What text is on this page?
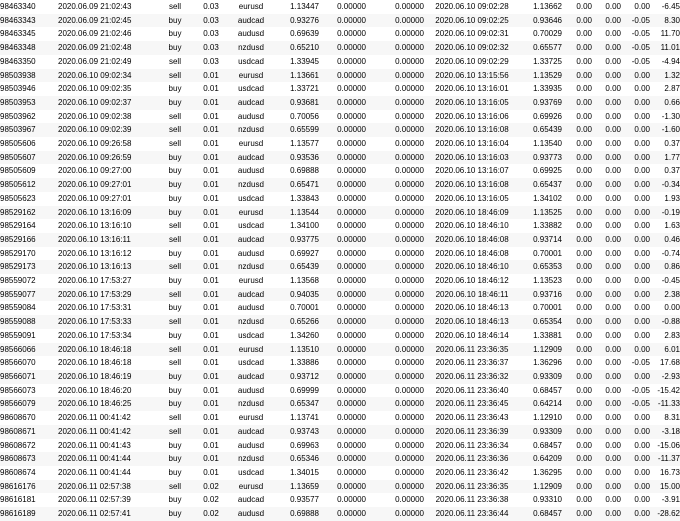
98463340	2020.06.09 21:02:43	sell	0.03	eurusd	1.13447	0.00000	0.00000	2020.06.10 09:02:28	1.13662	0.00	0.00	0.00	-6.45
98463343	2020.06.09 21:02:45	buy	0.03	audcad	0.93276	0.00000	0.00000	2020.06.10 09:02:25	0.93646	0.00	0.00	-0.05	8.30
98463345	2020.06.09 21:02:46	buy	0.03	audusd	0.69639	0.00000	0.00000	2020.06.10 09:02:31	0.70029	0.00	0.00	-0.05	11.70
98463348	2020.06.09 21:02:48	buy	0.03	nzdusd	0.65210	0.00000	0.00000	2020.06.10 09:02:32	0.65577	0.00	0.00	-0.05	11.01
98463350	2020.06.09 21:02:49	sell	0.03	usdcad	1.33945	0.00000	0.00000	2020.06.10 09:02:29	1.33725	0.00	0.00	-0.05	-4.94
98503938	2020.06.10 09:02:34	sell	0.01	eurusd	1.13661	0.00000	0.00000	2020.06.10 13:15:56	1.13529	0.00	0.00	0.00	1.32
98503946	2020.06.10 09:02:35	buy	0.01	usdcad	1.33721	0.00000	0.00000	2020.06.10 13:16:01	1.33935	0.00	0.00	0.00	2.87
98503953	2020.06.10 09:02:37	buy	0.01	audcad	0.93681	0.00000	0.00000	2020.06.10 13:16:05	0.93769	0.00	0.00	0.00	0.66
98503962	2020.06.10 09:02:38	sell	0.01	audusd	0.70056	0.00000	0.00000	2020.06.10 13:16:06	0.69926	0.00	0.00	0.00	-1.30
98503967	2020.06.10 09:02:39	sell	0.01	nzdusd	0.65599	0.00000	0.00000	2020.06.10 13:16:08	0.65439	0.00	0.00	0.00	-1.60
98505606	2020.06.10 09:26:58	sell	0.01	eurusd	1.13577	0.00000	0.00000	2020.06.10 13:16:04	1.13540	0.00	0.00	0.00	0.37
98505607	2020.06.10 09:26:59	buy	0.01	audcad	0.93536	0.00000	0.00000	2020.06.10 13:16:03	0.93773	0.00	0.00	0.00	1.77
98505609	2020.06.10 09:27:00	buy	0.01	audusd	0.69888	0.00000	0.00000	2020.06.10 13:16:07	0.69925	0.00	0.00	0.00	0.37
98505612	2020.06.10 09:27:01	buy	0.01	nzdusd	0.65471	0.00000	0.00000	2020.06.10 13:16:08	0.65437	0.00	0.00	0.00	-0.34
98505623	2020.06.10 09:27:01	buy	0.01	usdcad	1.33843	0.00000	0.00000	2020.06.10 13:16:05	1.34102	0.00	0.00	0.00	1.93
98529162	2020.06.10 13:16:09	buy	0.01	eurusd	1.13544	0.00000	0.00000	2020.06.10 18:46:09	1.13525	0.00	0.00	0.00	-0.19
98529164	2020.06.10 13:16:10	sell	0.01	usdcad	1.34100	0.00000	0.00000	2020.06.10 18:46:10	1.33882	0.00	0.00	0.00	1.63
98529166	2020.06.10 13:16:11	sell	0.01	audcad	0.93775	0.00000	0.00000	2020.06.10 18:46:08	0.93714	0.00	0.00	0.00	0.46
98529170	2020.06.10 13:16:12	buy	0.01	audusd	0.69927	0.00000	0.00000	2020.06.10 18:46:08	0.70001	0.00	0.00	0.00	-0.74
98529173	2020.06.10 13:16:13	sell	0.01	nzdusd	0.65439	0.00000	0.00000	2020.06.10 18:46:10	0.65353	0.00	0.00	0.00	0.86
98559072	2020.06.10 17:53:27	buy	0.01	eurusd	1.13568	0.00000	0.00000	2020.06.10 18:46:12	1.13523	0.00	0.00	0.00	-0.45
98559077	2020.06.10 17:53:29	sell	0.01	audcad	0.94035	0.00000	0.00000	2020.06.10 18:46:11	0.93716	0.00	0.00	0.00	2.38
98559084	2020.06.10 17:53:31	buy	0.01	audusd	0.70001	0.00000	0.00000	2020.06.10 18:46:13	0.70001	0.00	0.00	0.00	0.00
98559088	2020.06.10 17:53:33	sell	0.01	nzdusd	0.65266	0.00000	0.00000	2020.06.10 18:46:13	0.65354	0.00	0.00	0.00	-0.88
98559091	2020.06.10 17:53:34	buy	0.01	usdcad	1.34260	0.00000	0.00000	2020.06.10 18:46:14	1.33881	0.00	0.00	0.00	2.83
98566066	2020.06.10 18:46:18	sell	0.01	eurusd	1.13510	0.00000	0.00000	2020.06.11 23:36:35	1.12909	0.00	0.00	0.00	6.01
98566070	2020.06.10 18:46:18	sell	0.01	usdcad	1.33886	0.00000	0.00000	2020.06.11 23:36:37	1.36296	0.00	0.00	-0.05	17.68
98566071	2020.06.10 18:46:19	buy	0.01	audcad	0.93712	0.00000	0.00000	2020.06.11 23:36:32	0.93309	0.00	0.00	0.00	-2.93
98566073	2020.06.10 18:46:20	buy	0.01	audusd	0.69999	0.00000	0.00000	2020.06.11 23:36:40	0.68457	0.00	0.00	-0.05	-15.42
98566079	2020.06.10 18:46:25	buy	0.01	nzdusd	0.65347	0.00000	0.00000	2020.06.11 23:36:45	0.64214	0.00	0.00	-0.05	-11.33
98608670	2020.06.11 00:41:42	sell	0.01	eurusd	1.13741	0.00000	0.00000	2020.06.11 23:36:43	1.12910	0.00	0.00	0.00	8.31
98608671	2020.06.11 00:41:42	sell	0.01	audcad	0.93743	0.00000	0.00000	2020.06.11 23:36:39	0.93309	0.00	0.00	0.00	-3.18
98608672	2020.06.11 00:41:43	buy	0.01	audusd	0.69963	0.00000	0.00000	2020.06.11 23:36:34	0.68457	0.00	0.00	0.00	-15.06
98608673	2020.06.11 00:41:44	buy	0.01	nzdusd	0.65346	0.00000	0.00000	2020.06.11 23:36:36	0.64209	0.00	0.00	0.00	-11.37
98608674	2020.06.11 00:41:44	buy	0.01	usdcad	1.34015	0.00000	0.00000	2020.06.11 23:36:42	1.36295	0.00	0.00	0.00	16.73
98616176	2020.06.11 02:57:38	sell	0.02	eurusd	1.13659	0.00000	0.00000	2020.06.11 23:36:35	1.12909	0.00	0.00	0.00	15.00
98616181	2020.06.11 02:57:39	buy	0.02	audcad	0.93577	0.00000	0.00000	2020.06.11 23:36:38	0.93310	0.00	0.00	0.00	-3.91
98616189	2020.06.11 02:57:41	buy	0.02	audusd	0.69888	0.00000	0.00000	2020.06.11 23:36:44	0.68457	0.00	0.00	0.00	-28.62
